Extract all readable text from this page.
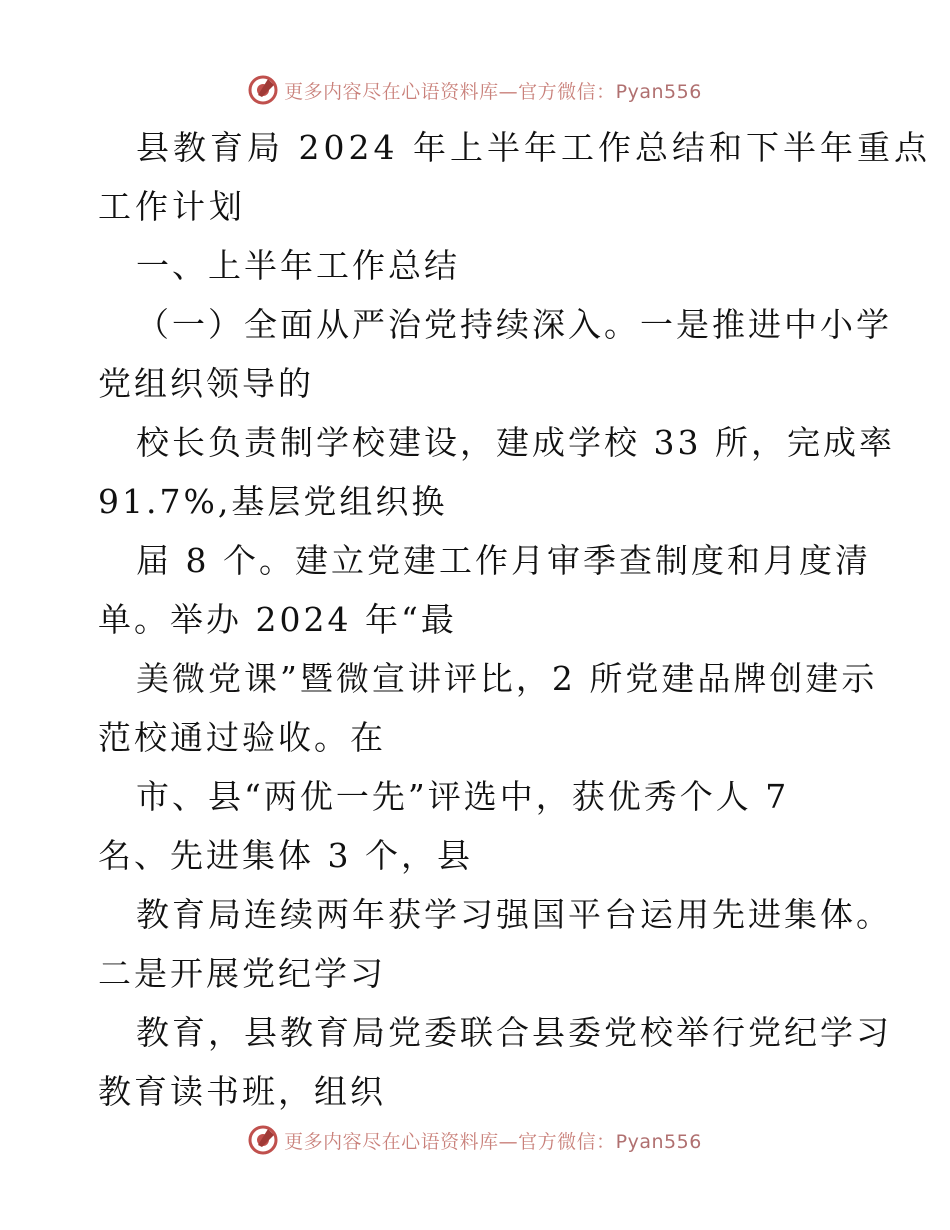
更多内容尽在心语资料库—官方微信：Pyan556
县教育局 2024 年上半年工作总结和下半年重点
工作计划
一、上半年工作总结
（一）全面从严治党持续深入。一是推进中小学
党组织领导的
校长负责制学校建设，建成学校 33 所，完成率
91.7%,基层党组织换
届 8 个。建立党建工作月审季查制度和月度清
单。举办 2024 年“最
美微党课”暨微宣讲评比，2 所党建品牌创建示
范校通过验收。在
市、县“两优一先”评选中，获优秀个人 7
名、先进集体 3 个，县
教育局连续两年获学习强国平台运用先进集体。
二是开展党纪学习
教育，县教育局党委联合县委党校举行党纪学习
教育读书班，组织
更多内容尽在心语资料库—官方微信：Pyan556
